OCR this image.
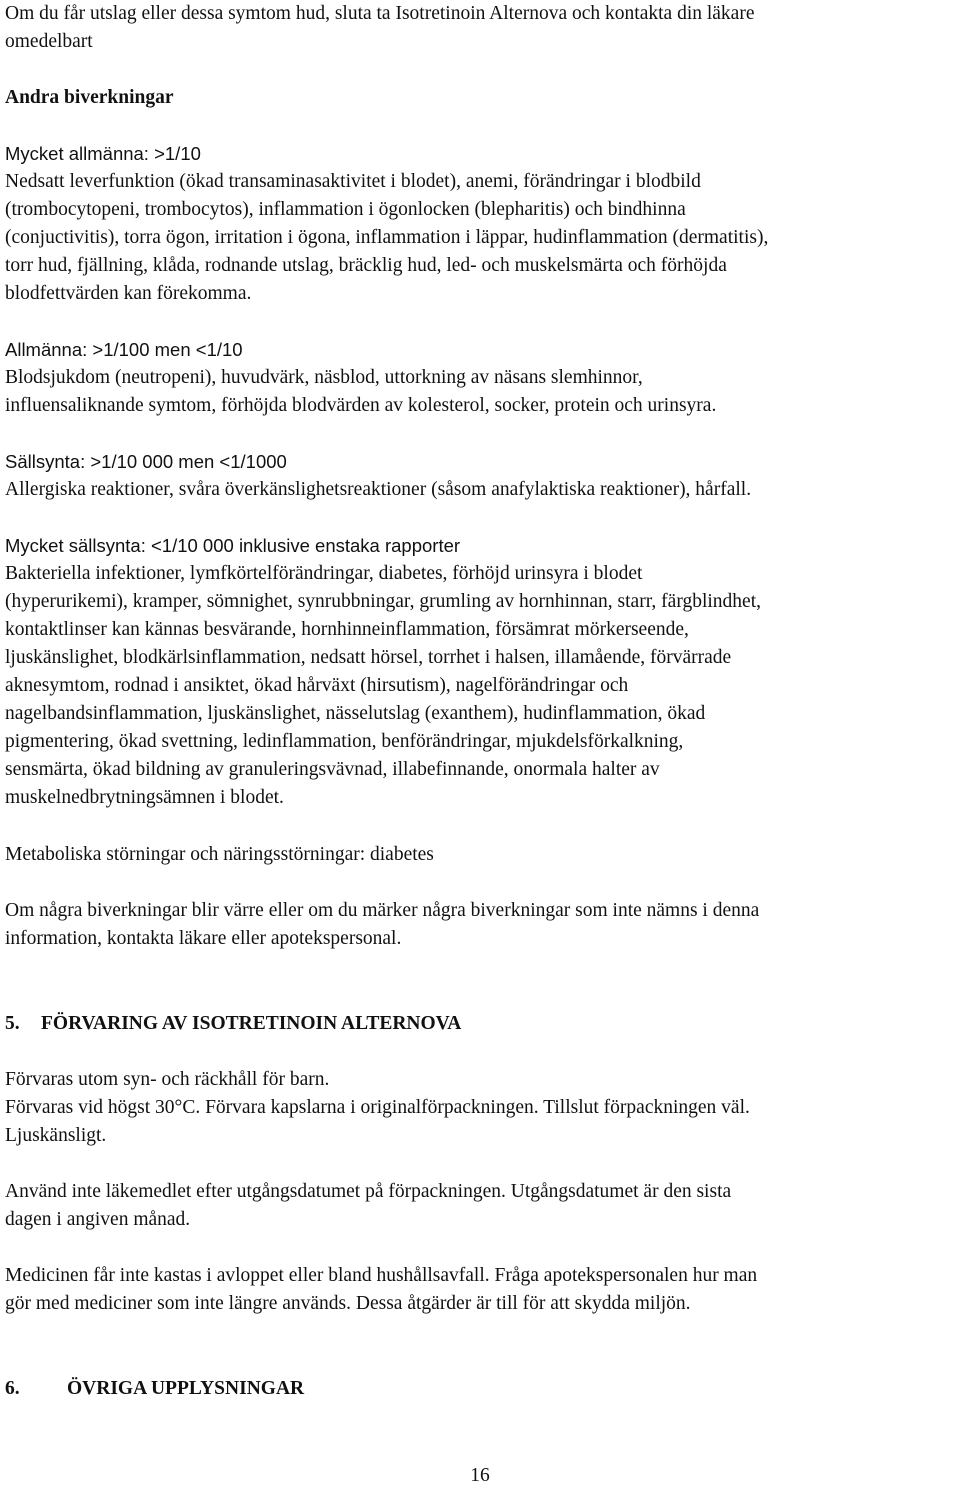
Om du får utslag eller dessa symtom hud, sluta ta Isotretinoin Alternova och kontakta din läkare
omedelbart
Andra biverkningar
Mycket allmänna: >1/10
Nedsatt leverfunktion (ökad transaminasaktivitet i blodet), anemi, förändringar i blodbild
(trombocytopeni, trombocytos), inflammation i ögonlocken (blepharitis) och bindhinna
(conjuctivitis), torra ögon, irritation i ögona, inflammation i läppar, hudinflammation (dermatitis),
torr hud, fjällning, klåda, rodnande utslag, bräcklig hud, led- och muskelsmärta och förhöjda
blodfettvärden kan förekomma.
Allmänna: >1/100 men <1/10
Blodsjukdom (neutropeni), huvudvärk, näsblod, uttorkning av näsans slemhinnor,
influensaliknande symtom, förhöjda blodvärden av kolesterol, socker, protein och urinsyra.
Sällsynta: >1/10 000 men <1/1000
Allergiska reaktioner, svåra överkänslighetsreaktioner (såsom anafylaktiska reaktioner), hårfall.
Mycket sällsynta: <1/10 000 inklusive enstaka rapporter
Bakteriella infektioner, lymfkörtelförändringar, diabetes, förhöjd urinsyra i blodet
(hyperurikemi), kramper, sömnighet, synrubbningar, grumling av hornhinnan, starr, färgblindhet,
kontaktlinser kan kännas besvärande, hornhinneinflammation, försämrat mörkerseende,
ljuskänslighet, blodkärlsinflammation, nedsatt hörsel, torrhet i halsen, illamående, förvärrade
aknesymtom, rodnad i ansiktet, ökad hårväxt (hirsutism), nagelförändringar och
nagelbandsinflammation, ljuskänslighet, nässelutslag (exanthem), hudinflammation, ökad
pigmentering, ökad svettning, ledinflammation, benförändringar, mjukdelsförkalkning,
sensmärta, ökad bildning av granuleringsvävnad, illabefinnande, onormala halter av
muskelnedbrytningsämnen i blodet.
Metaboliska störningar och näringsstörningar: diabetes
Om några biverkningar blir värre eller om du märker några biverkningar som inte nämns i denna
information, kontakta läkare eller apotekspersonal.
5. FÖRVARING AV ISOTRETINOIN ALTERNOVA
Förvaras utom syn- och räckhåll för barn.
Förvaras vid högst 30°C. Förvara kapslarna i originalförpackningen. Tillslut förpackningen väl.
Ljuskänsligt.
Använd inte läkemedlet efter utgångsdatumet på förpackningen. Utgångsdatumet är den sista
dagen i angiven månad.
Medicinen får inte kastas i avloppet eller bland hushållsavfall. Fråga apotekspersonalen hur man
gör med mediciner som inte längre används. Dessa åtgärder är till för att skydda miljön.
6. ÖVRIGA UPPLYSNINGAR
16
